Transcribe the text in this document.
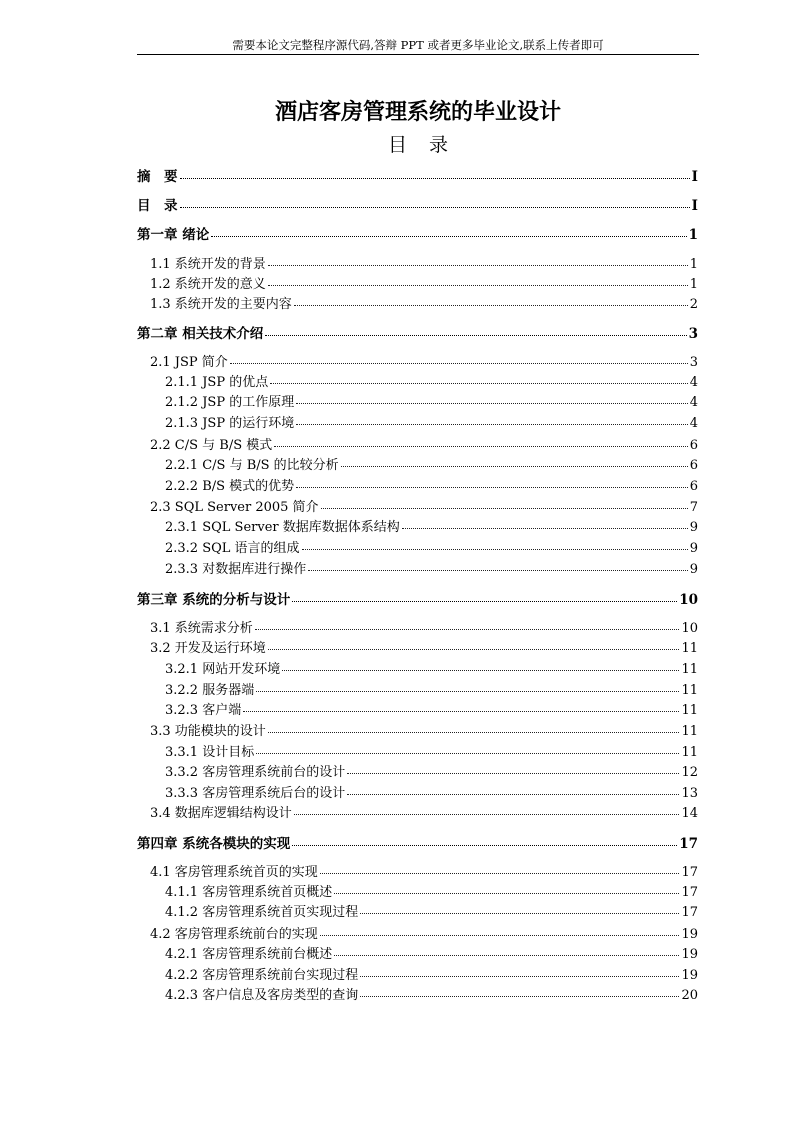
需要本论文完整程序源代码,答辩 PPT 或者更多毕业论文,联系上传者即可
酒店客房管理系统的毕业设计
目录
摘　要	I
目　录	I
第一章 绪论	1
1.1 系统开发的背景	1
1.2 系统开发的意义	1
1.3 系统开发的主要内容	2
第二章 相关技术介绍	3
2.1 JSP 简介	3
2.1.1 JSP 的优点	4
2.1.2 JSP 的工作原理	4
2.1.3 JSP 的运行环境	4
2.2 C/S 与 B/S 模式	6
2.2.1 C/S 与 B/S 的比较分析	6
2.2.2 B/S 模式的优势	6
2.3 SQL Server 2005 简介	7
2.3.1 SQL Server 数据库数据体系结构	9
2.3.2 SQL 语言的组成	9
2.3.3 对数据库进行操作	9
第三章 系统的分析与设计	10
3.1 系统需求分析	10
3.2 开发及运行环境	11
3.2.1 网站开发环境	11
3.2.2 服务器端	11
3.2.3 客户端	11
3.3 功能模块的设计	11
3.3.1 设计目标	11
3.3.2 客房管理系统前台的设计	12
3.3.3 客房管理系统后台的设计	13
3.4 数据库逻辑结构设计	14
第四章 系统各模块的实现	17
4.1 客房管理系统首页的实现	17
4.1.1 客房管理系统首页概述	17
4.1.2 客房管理系统首页实现过程	17
4.2 客房管理系统前台的实现	19
4.2.1 客房管理系统前台概述	19
4.2.2 客房管理系统前台实现过程	19
4.2.3 客户信息及客房类型的查询	20
